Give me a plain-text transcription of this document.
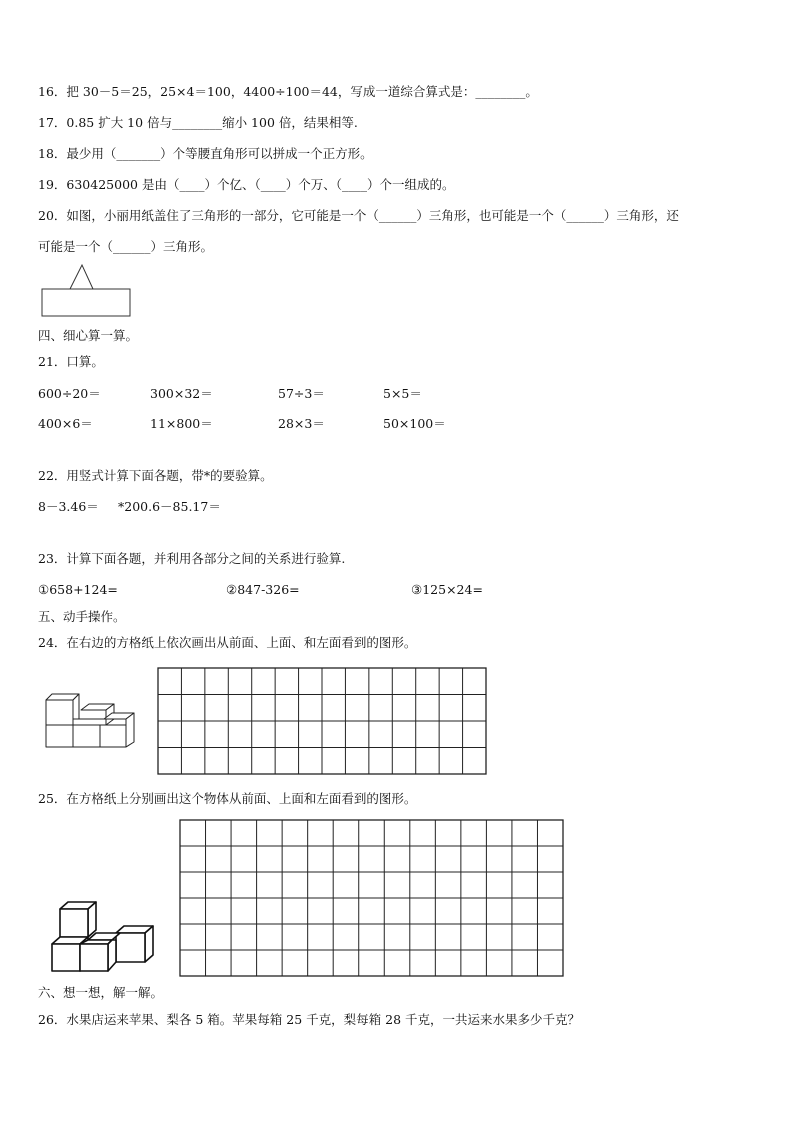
16．把 30－5＝25，25×4＝100，4400÷100＝44，写成一道综合算式是：________。
17．0.85 扩大 10 倍与________缩小 100 倍，结果相等.
18．最少用（_______）个等腰直角形可以拼成一个正方形。
19．630425000 是由（____）个亿、（____）个万、（____）个一组成的。
20．如图，小丽用纸盖住了三角形的一部分，它可能是一个（______）三角形，也可能是一个（______）三角形，还
可能是一个（______）三角形。
四、细心算一算。
21．口算。
600÷20＝	300×32＝	57÷3＝	5×5＝
400×6＝	11×800＝	28×3＝	50×100＝
22．用竖式计算下面各题，带*的要验算。
8－3.46＝ *200.6－85.17＝
23．计算下面各题，并利用各部分之间的关系进行验算.
①658+124=	②847-326=	③125×24=
五、动手操作。
24．在右边的方格纸上依次画出从前面、上面、和左面看到的图形。
25．在方格纸上分别画出这个物体从前面、上面和左面看到的图形。
六、想一想，解一解。
26．水果店运来苹果、梨各 5 箱。苹果每箱 25 千克，梨每箱 28 千克，一共运来水果多少千克？
